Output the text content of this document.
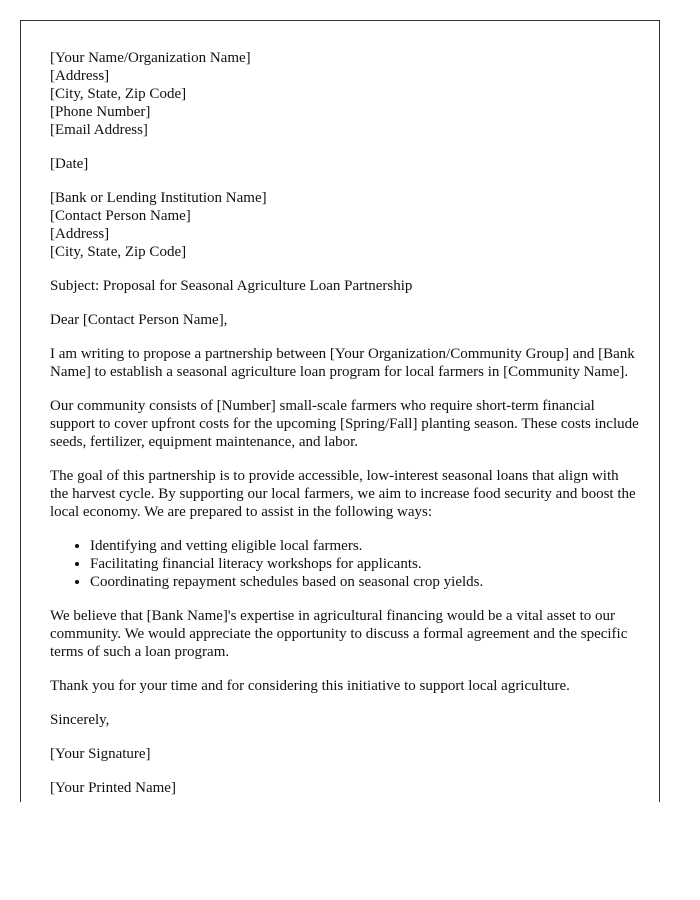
[Your Name/Organization Name]
[Address]
[City, State, Zip Code]
[Phone Number]
[Email Address]
[Date]
[Bank or Lending Institution Name]
[Contact Person Name]
[Address]
[City, State, Zip Code]

Subject: Proposal for Seasonal Agriculture Loan Partnership

Dear [Contact Person Name],

I am writing to propose a partnership between [Your Organization/Community Group] and [Bank Name] to establish a seasonal agriculture loan program for local farmers in [Community Name].

Our community consists of [Number] small-scale farmers who require short-term financial support to cover upfront costs for the upcoming [Spring/Fall] planting season. These costs include seeds, fertilizer, equipment maintenance, and labor.

The goal of this partnership is to provide accessible, low-interest seasonal loans that align with the harvest cycle. By supporting our local farmers, we aim to increase food security and boost the local economy. We are prepared to assist in the following ways:

• Identifying and vetting eligible local farmers.
• Facilitating financial literacy workshops for applicants.
• Coordinating repayment schedules based on seasonal crop yields.

We believe that [Bank Name]'s expertise in agricultural financing would be a vital asset to our community. We would appreciate the opportunity to discuss a formal agreement and the specific terms of such a loan program.

Thank you for your time and for considering this initiative to support local agriculture.

Sincerely,

[Your Signature]

[Your Printed Name]
